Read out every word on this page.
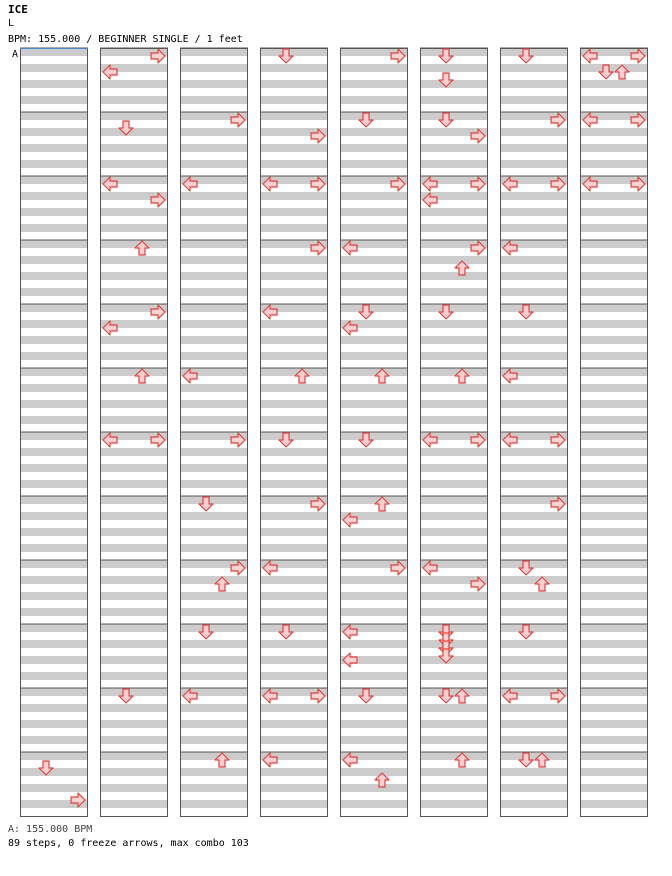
ICE
L
BPM: 155.000 / BEGINNER SINGLE / 1 feet
A
A: 155.000 BPM
89 steps, 0 freeze arrows, max combo 103
